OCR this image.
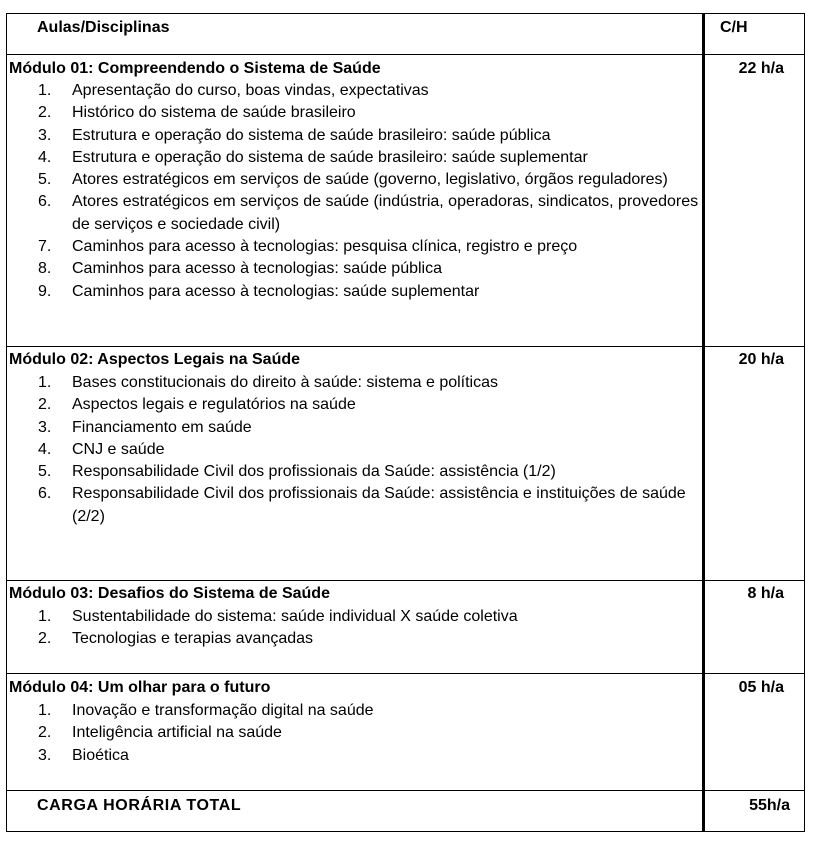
Aulas/Disciplinas	C/H
Módulo 01: Compreendendo o Sistema de Saúde	22 h/a
1.	Apresentação do curso, boas vindas, expectativas
2.	Histórico do sistema de saúde brasileiro
3.	Estrutura e operação do sistema de saúde brasileiro: saúde pública
4.	Estrutura e operação do sistema de saúde brasileiro: saúde suplementar
5.	Atores estratégicos em serviços de saúde (governo, legislativo, órgãos reguladores)
6.	Atores estratégicos em serviços de saúde (indústria, operadoras, sindicatos, provedores de serviços e sociedade civil)
7.	Caminhos para acesso à tecnologias: pesquisa clínica, registro e preço
8.	Caminhos para acesso à tecnologias: saúde pública
9.	Caminhos para acesso à tecnologias: saúde suplementar
Módulo 02: Aspectos Legais na Saúde	20 h/a
1.	Bases constitucionais do direito à saúde: sistema e políticas
2.	Aspectos legais e regulatórios na saúde
3.	Financiamento em saúde
4.	CNJ e saúde
5.	Responsabilidade Civil dos profissionais da Saúde: assistência (1/2)
6.	Responsabilidade Civil dos profissionais da Saúde: assistência e instituições de saúde (2/2)
Módulo 03: Desafios do Sistema de Saúde	8 h/a
1.	Sustentabilidade do sistema: saúde individual X saúde coletiva
2.	Tecnologias e terapias avançadas
Módulo 04: Um olhar para o futuro	05 h/a
1.	Inovação e transformação digital na saúde
2.	Inteligência artificial na saúde
3.	Bioética
CARGA HORÁRIA TOTAL	55h/a
